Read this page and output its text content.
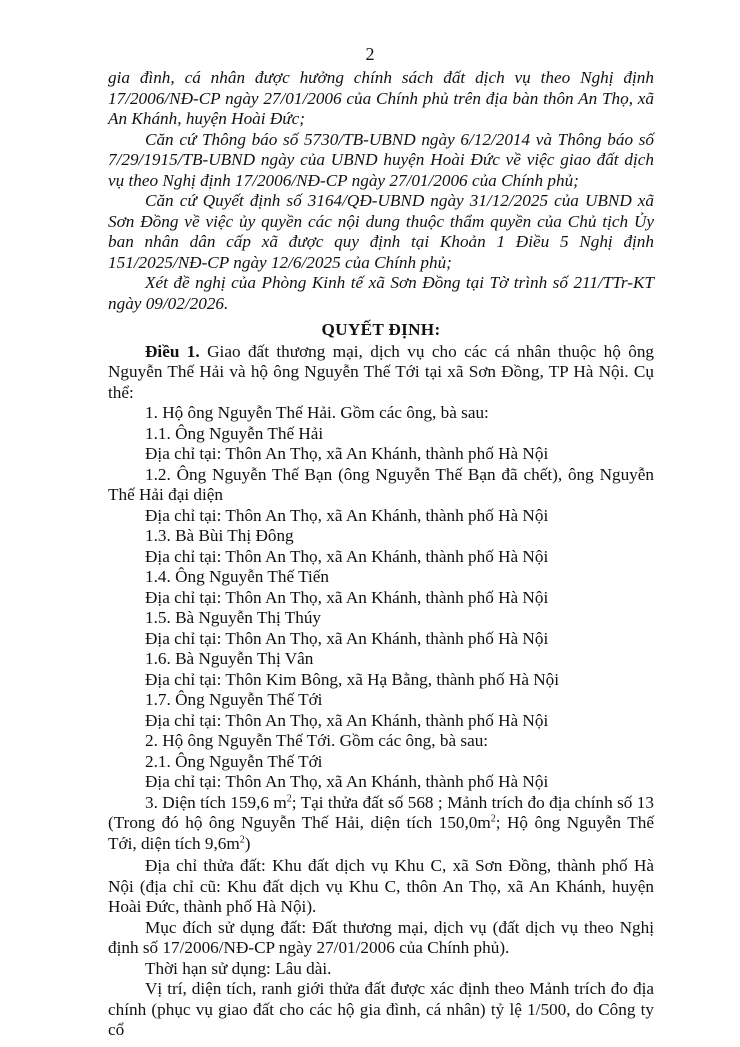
2

gia đình, cá nhân được hưởng chính sách đất dịch vụ theo Nghị định 17/2006/NĐ-CP ngày 27/01/2006 của Chính phủ trên địa bàn thôn An Thọ, xã An Khánh, huyện Hoài Đức;

Căn cứ Thông báo số 5730/TB-UBND ngày 6/12/2014 và Thông báo số 7/29/1915/TB-UBND ngày của UBND huyện Hoài Đức về việc giao đất dịch vụ theo Nghị định 17/2006/NĐ-CP ngày 27/01/2006 của Chính phủ;

Căn cứ Quyết định số 3164/QĐ-UBND ngày 31/12/2025 của UBND xã Sơn Đồng về việc ủy quyền các nội dung thuộc thẩm quyền của Chủ tịch Ủy ban nhân dân cấp xã được quy định tại Khoản 1 Điều 5 Nghị định 151/2025/NĐ-CP ngày 12/6/2025 của Chính phủ;

Xét đề nghị của Phòng Kinh tế xã Sơn Đồng tại Tờ trình số 211/TTr-KT ngày 09/02/2026.

QUYẾT ĐỊNH:

Điều 1. Giao đất thương mại, dịch vụ cho các cá nhân thuộc hộ ông Nguyễn Thế Hải và hộ ông Nguyễn Thế Tới tại xã Sơn Đồng, TP Hà Nội. Cụ thể:

1. Hộ ông Nguyễn Thế Hải. Gồm các ông, bà sau:

1.1. Ông Nguyễn Thế Hải

Địa chỉ tại: Thôn An Thọ, xã An Khánh, thành phố Hà Nội

1.2. Ông Nguyễn Thế Bạn (ông Nguyễn Thế Bạn đã chết), ông Nguyễn Thế Hải đại diện

Địa chỉ tại: Thôn An Thọ, xã An Khánh, thành phố Hà Nội

1.3. Bà Bùi Thị Đông

Địa chỉ tại: Thôn An Thọ, xã An Khánh, thành phố Hà Nội

1.4. Ông Nguyễn Thế Tiến

Địa chỉ tại: Thôn An Thọ, xã An Khánh, thành phố Hà Nội

1.5. Bà Nguyễn Thị Thúy

Địa chỉ tại: Thôn An Thọ, xã An Khánh, thành phố Hà Nội

1.6. Bà Nguyễn Thị Vân

Địa chỉ tại: Thôn Kim Bông, xã Hạ Bằng, thành phố Hà Nội

1.7. Ông Nguyễn Thế Tới

Địa chỉ tại: Thôn An Thọ, xã An Khánh, thành phố Hà Nội

2. Hộ ông Nguyễn Thế Tới. Gồm các ông, bà sau:

2.1. Ông Nguyễn Thế Tới

Địa chỉ tại: Thôn An Thọ, xã An Khánh, thành phố Hà Nội

3. Diện tích 159,6 $m^2$; Tại thửa đất số 568 ; Mảnh trích đo địa chính số 13 (Trong đó hộ ông Nguyễn Thế Hải, diện tích $150,0m^2$; Hộ ông Nguyễn Thế Tới, diện tích $9,6m^2$)

Địa chỉ thửa đất: Khu đất dịch vụ Khu C, xã Sơn Đồng, thành phố Hà Nội (địa chỉ cũ: Khu đất dịch vụ Khu C, thôn An Thọ, xã An Khánh, huyện Hoài Đức, thành phố Hà Nội).

Mục đích sử dụng đất: Đất thương mại, dịch vụ (đất dịch vụ theo Nghị định số 17/2006/NĐ-CP ngày 27/01/2006 của Chính phủ).

Thời hạn sử dụng: Lâu dài.

Vị trí, diện tích, ranh giới thửa đất được xác định theo Mảnh trích đo địa chính (phục vụ giao đất cho các hộ gia đình, cá nhân) tỷ lệ 1/500, do Công ty cổ
